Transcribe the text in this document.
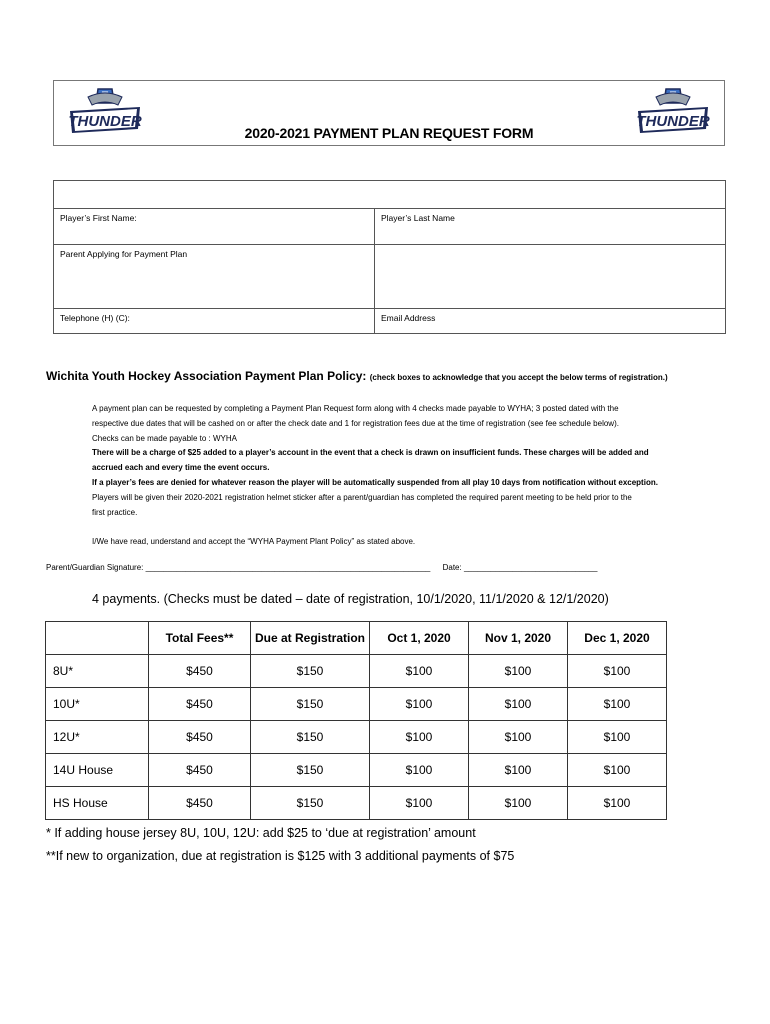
THUNDER
2020-2021 PAYMENT PLAN REQUEST FORM
THUNDER
Player’s First Name:	Player’s Last Name
Parent Applying for Payment Plan
Telephone (H) (C):	Email Address
Wichita Youth Hockey Association Payment Plan Policy: (check boxes to acknowledge that you accept the below terms of registration.)
A payment plan can be requested by completing a Payment Plan Request form along with 4 checks made payable to WYHA; 3 posted dated with the
respective due dates that will be cashed on or after the check date and 1 for registration fees due at the time of registration (see fee schedule below).
Checks can be made payable to : WYHA
There will be a charge of $25 added to a player’s account in the event that a check is drawn on insufficient funds. These charges will be added and
accrued each and every time the event occurs.
If a player’s fees are denied for whatever reason the player will be automatically suspended from all play 10 days from notification without exception.
Players will be given their 2020-2021 registration helmet sticker after a parent/guardian has completed the required parent meeting to be held prior to the
first practice.
I/We have read, understand and accept the “WYHA Payment Plant Policy” as stated above.
Parent/Guardian Signature: ________________________________________________________________ Date: ______________________________
4 payments. (Checks must be dated – date of registration, 10/1/2020, 11/1/2020 & 12/1/2020)
	Total Fees**	Due at Registration	Oct 1, 2020	Nov 1, 2020	Dec 1, 2020
8U*	$450	$150	$100	$100	$100
10U*	$450	$150	$100	$100	$100
12U*	$450	$150	$100	$100	$100
14U House	$450	$150	$100	$100	$100
HS House	$450	$150	$100	$100	$100
* If adding house jersey 8U, 10U, 12U: add $25 to ‘due at registration’ amount
**If new to organization, due at registration is $125 with 3 additional payments of $75
